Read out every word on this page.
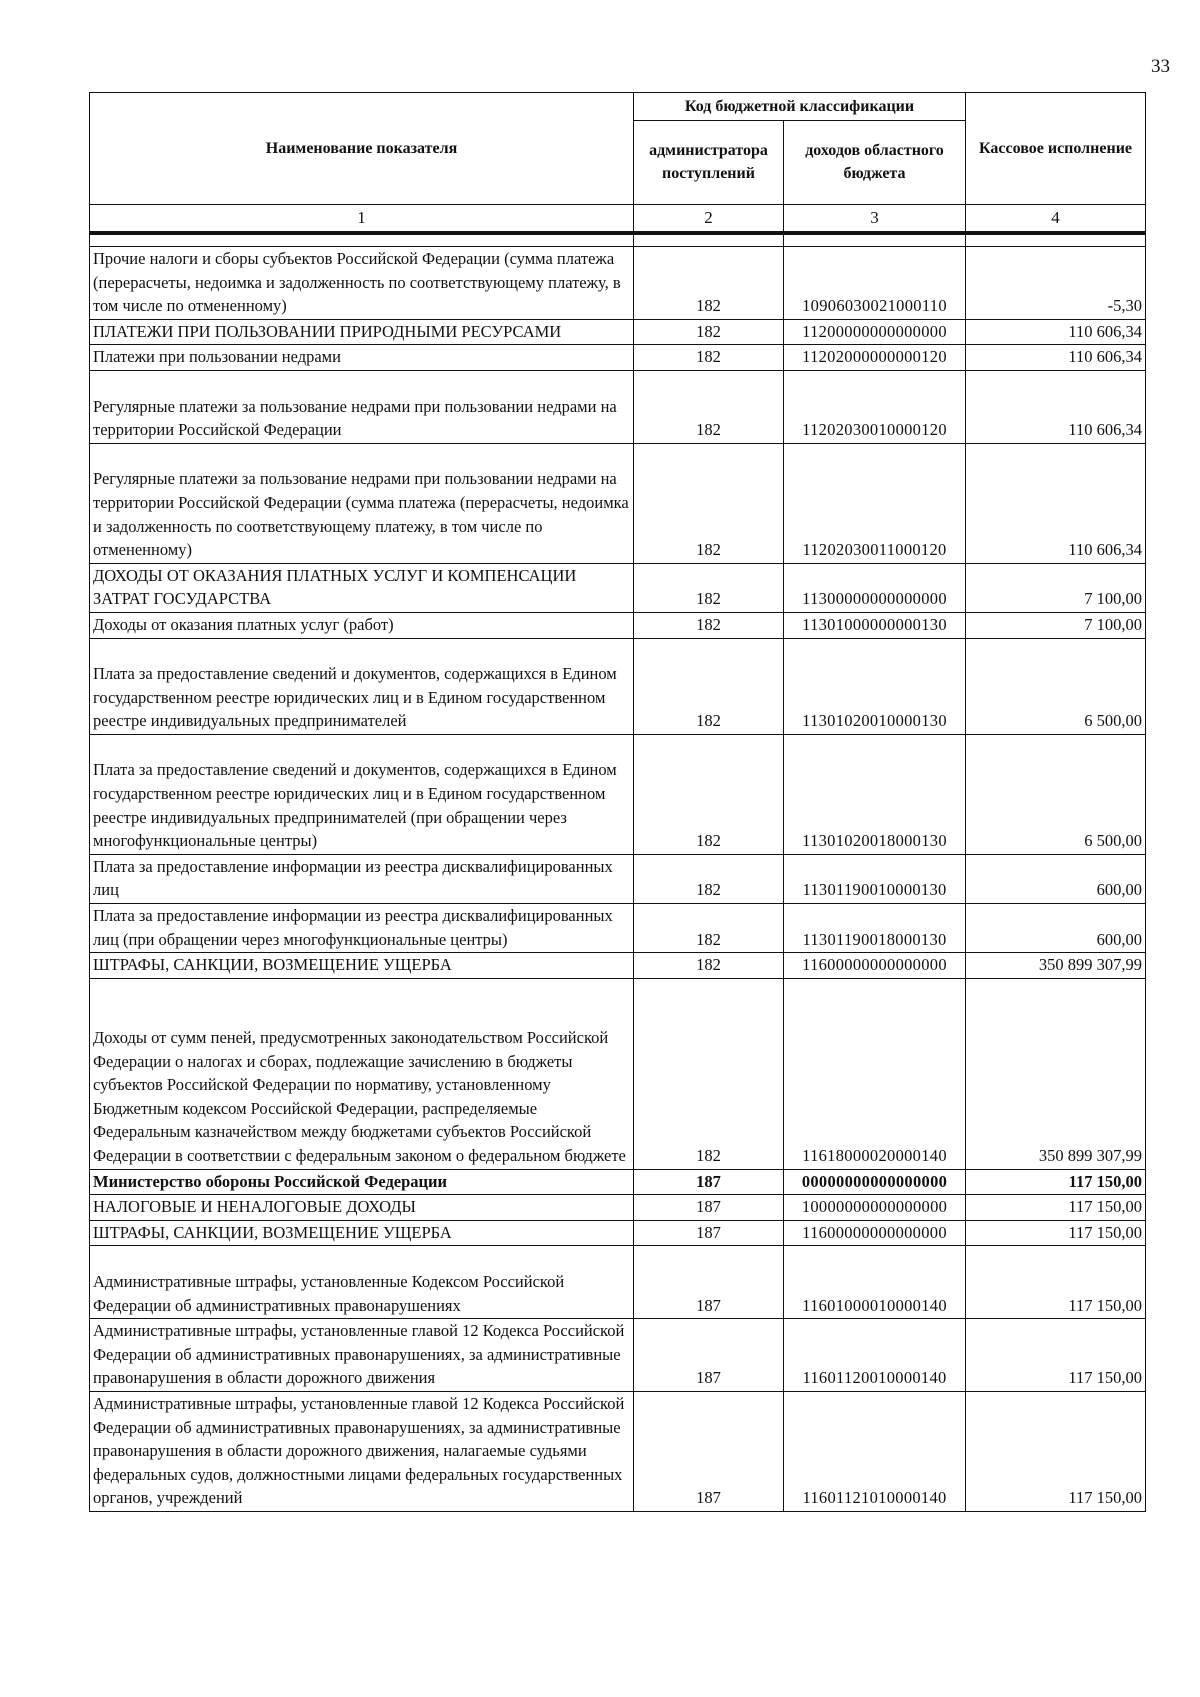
33
Наименование показателя	Код бюджетной классификации		Кассовое исполнение
	администратора поступлений	доходов областного бюджета	
1	2	3	4

Прочие налоги и сборы субъектов Российской Федерации (сумма платежа (перерасчеты, недоимка и задолженность по соответствующему платежу, в том числе по отмененному)	182	10906030021000110	-5,30
ПЛАТЕЖИ ПРИ ПОЛЬЗОВАНИИ ПРИРОДНЫМИ РЕСУРСАМИ	182	11200000000000000	110 606,34
Платежи при пользовании недрами	182	11202000000000120	110 606,34

Регулярные платежи за пользование недрами при пользовании недрами на территории Российской Федерации	182	11202030010000120	110 606,34

Регулярные платежи за пользование недрами при пользовании недрами на территории Российской Федерации (сумма платежа (перерасчеты, недоимка и задолженность по соответствующему платежу, в том числе по отмененному)	182	11202030011000120	110 606,34
ДОХОДЫ ОТ ОКАЗАНИЯ ПЛАТНЫХ УСЛУГ И КОМПЕНСАЦИИ ЗАТРАТ ГОСУДАРСТВА	182	11300000000000000	7 100,00
Доходы от оказания платных услуг (работ)	182	11301000000000130	7 100,00

Плата за предоставление сведений и документов, содержащихся в Едином государственном реестре юридических лиц и в Едином государственном реестре индивидуальных предпринимателей	182	11301020010000130	6 500,00

Плата за предоставление сведений и документов, содержащихся в Едином государственном реестре юридических лиц и в Едином государственном реестре индивидуальных предпринимателей (при обращении через многофункциональные центры)	182	11301020018000130	6 500,00
Плата за предоставление информации из реестра дисквалифицированных лиц	182	11301190010000130	600,00
Плата за предоставление информации из реестра дисквалифицированных лиц (при обращении через многофункциональные центры)	182	11301190018000130	600,00
ШТРАФЫ, САНКЦИИ, ВОЗМЕЩЕНИЕ УЩЕРБА	182	11600000000000000	350 899 307,99

Доходы от сумм пеней, предусмотренных законодательством Российской Федерации о налогах и сборах, подлежащие зачислению в бюджеты субъектов Российской Федерации по нормативу, установленному Бюджетным кодексом Российской Федерации, распределяемые Федеральным казначейством между бюджетами субъектов Российской Федерации в соответствии с федеральным законом о федеральном бюджете	182	11618000020000140	350 899 307,99
Министерство обороны Российской Федерации	187	00000000000000000	117 150,00
НАЛОГОВЫЕ И НЕНАЛОГОВЫЕ ДОХОДЫ	187	10000000000000000	117 150,00
ШТРАФЫ, САНКЦИИ, ВОЗМЕЩЕНИЕ УЩЕРБА	187	11600000000000000	117 150,00

Административные штрафы, установленные Кодексом Российской Федерации об административных правонарушениях	187	11601000010000140	117 150,00
Административные штрафы, установленные главой 12 Кодекса Российской Федерации об административных правонарушениях, за административные правонарушения в области дорожного движения	187	11601120010000140	117 150,00
Административные штрафы, установленные главой 12 Кодекса Российской Федерации об административных правонарушениях, за административные правонарушения в области дорожного движения, налагаемые судьями федеральных судов, должностными лицами федеральных государственных органов, учреждений	187	11601121010000140	117 150,00
